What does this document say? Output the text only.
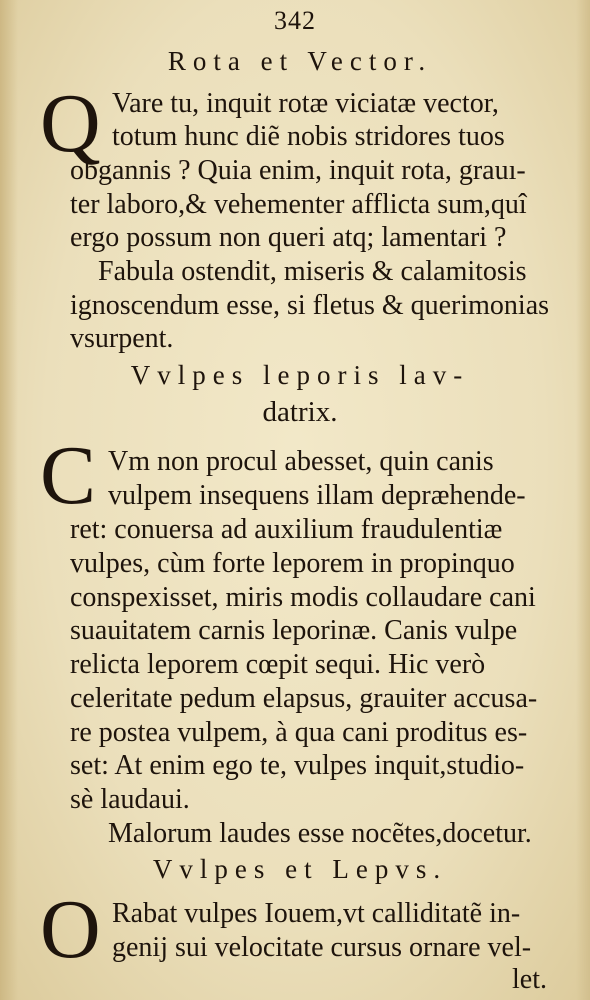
342
Rota et Vector.
Q Vare tu, inquit rotæ viciatæ vector,
totum hunc diẽ nobis stridores tuos
obgannis ? Quia enim, inquit rota, grauı-
ter laboro,& vehementer afflicta sum,quî
ergo possum non queri atq; lamentari ?
Fabula ostendit, miseris & calamitosis
ignoscendum esse, si fletus & querimonias
vsurpent.
Vvlpes leporis lav-
datrix.
C Vm non procul abesset, quin canis
vulpem insequens illam depræhende-
ret: conuersa ad auxilium fraudulentiæ
vulpes, cùm forte leporem in propinquo
conspexisset, miris modis collaudare cani
suauitatem carnis leporinæ. Canis vulpe
relicta leporem cœpit sequi. Hic verò
celeritate pedum elapsus, grauiter accusa-
re postea vulpem, à qua cani proditus es-
set: At enim ego te, vulpes inquit,studio-
sè laudaui.
Malorum laudes esse nocẽtes,docetur.
Vvlpes et Lepvs.
O Rabat vulpes Iouem,vt calliditatẽ in-
genij sui velocitate cursus ornare vel-
let.
